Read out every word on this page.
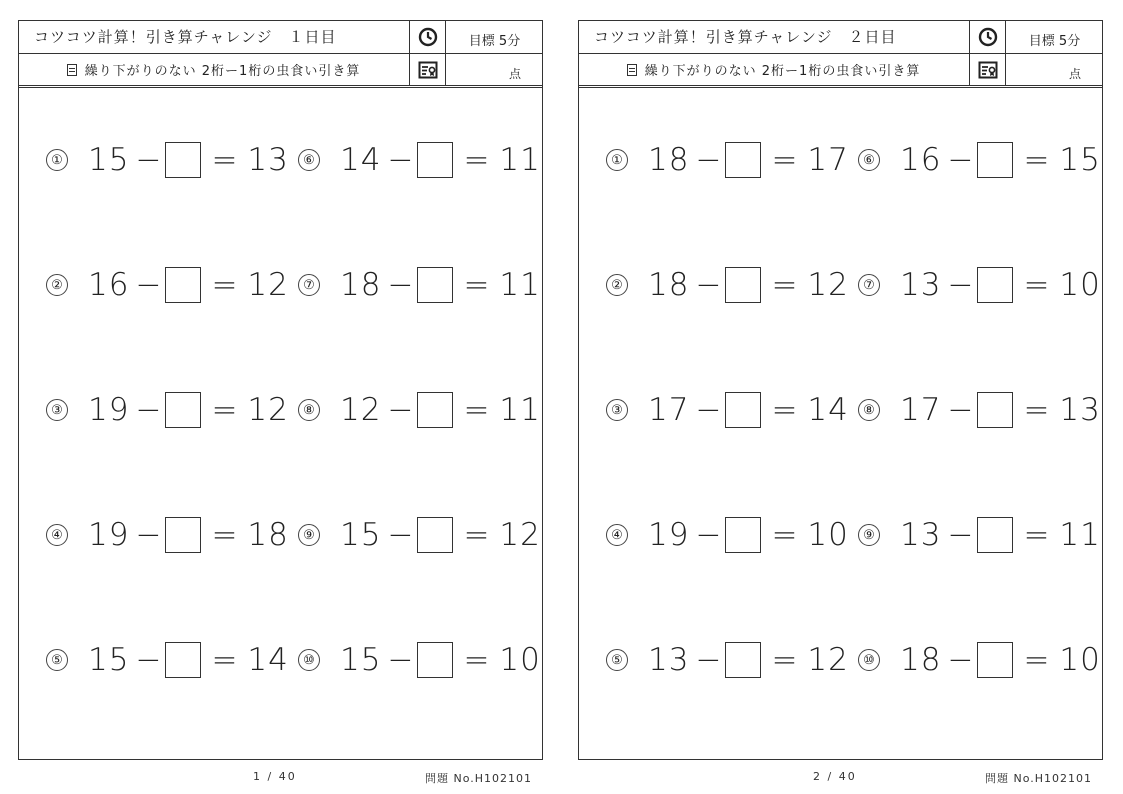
コツコツ計算！引き算チャレンジ　１日目	目標 5分
繰り下がりのない 2桁ー1桁の虫食い引き算	点
① 15 − = 13
② 16 − = 12
③ 19 − = 12
④ 19 − = 18
⑤ 15 − = 14
⑥ 14 − = 11
⑦ 18 − = 11
⑧ 12 − = 11
⑨ 15 − = 12
⑩ 15 − = 10
1 / 40	問題 No.H102101
コツコツ計算！引き算チャレンジ　２日目	目標 5分
繰り下がりのない 2桁ー1桁の虫食い引き算	点
① 18 − = 17
② 18 − = 12
③ 17 − = 14
④ 19 − = 10
⑤ 13 − = 12
⑥ 16 − = 15
⑦ 13 − = 10
⑧ 17 − = 13
⑨ 13 − = 11
⑩ 18 − = 10
2 / 40	問題 No.H102101
